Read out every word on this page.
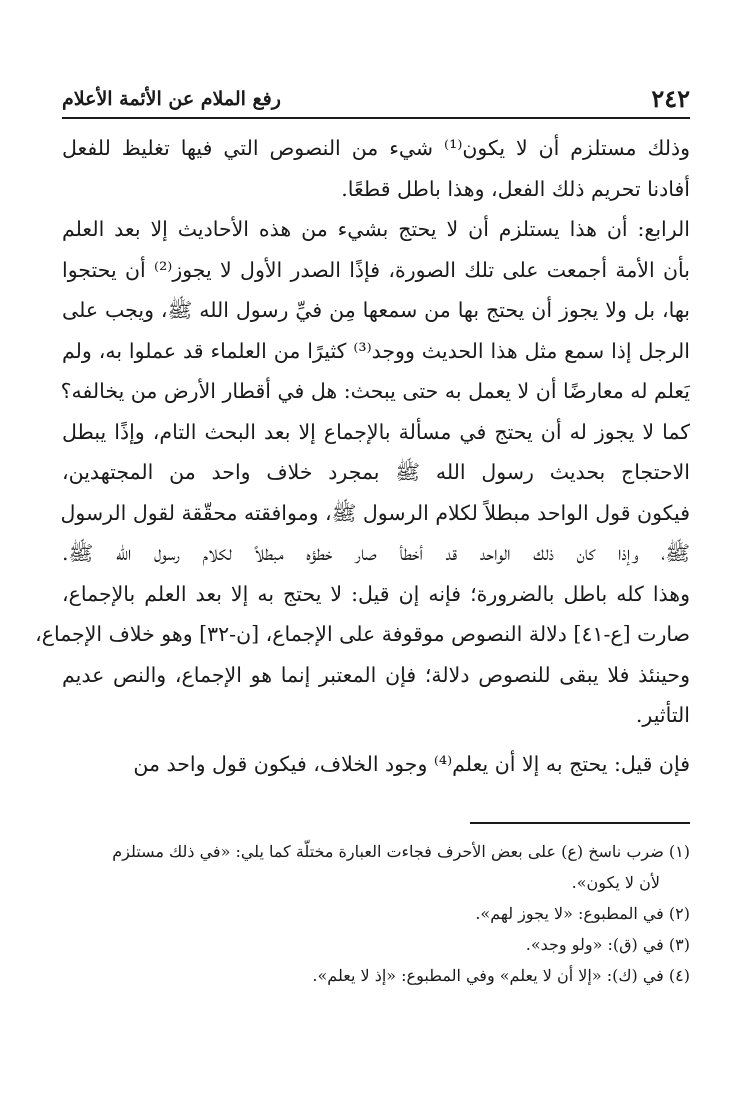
٢٤٢
رفع الملام عن الأئمة الأعلام
وذلك مستلزم أن لا يكون⁽¹⁾ شيء من النصوص التي فيها تغليظ للفعل
أفادنا تحريم ذلك الفعل، وهذا باطل قطعًا.
الرابع: أن هذا يستلزم أن لا يحتج بشيء من هذه الأحاديث إلا بعد العلم
بأن الأمة أجمعت على تلك الصورة، فإذًا الصدر الأول لا يجوز⁽²⁾ أن يحتجوا
بها، بل ولا يجوز أن يحتج بها من سمعها مِن فيِّ رسول الله ﷺ، ويجب على
الرجل إذا سمع مثل هذا الحديث ووجد⁽³⁾ كثيرًا من العلماء قد عملوا به، ولم
يَعلم له معارضًا أن لا يعمل به حتى يبحث: هل في أقطار الأرض من يخالفه؟
كما لا يجوز له أن يحتج في مسألة بالإجماع إلا بعد البحث التام، وإذًا يبطل
الاحتجاج بحديث رسول الله ﷺ بمجرد خلاف واحد من المجتهدين،
فيكون قول الواحد مبطلاً لكلام الرسول ﷺ، وموافقته محقّقة لقول الرسول
ﷺ، وإذا كان ذلك الواحد قد أخطأ صار خطؤه مبطلاً لكلام رسول الله ﷺ.
وهذا كله باطل بالضرورة؛ فإنه إن قيل: لا يحتج به إلا بعد العلم بالإجماع،
صارت [ع-٤١] دلالة النصوص موقوفة على الإجماع، [ن-٣٢] وهو خلاف الإجماع،
وحينئذ فلا يبقى للنصوص دلالة؛ فإن المعتبر إنما هو الإجماع، والنص عديم
التأثير.
فإن قيل: يحتج به إلا أن يعلم⁽⁴⁾ وجود الخلاف، فيكون قول واحد من
(١) ضرب ناسخ (ع) على بعض الأحرف فجاءت العبارة مختلّة كما يلي: «في ذلك مستلزم
لأن لا يكون».
(٢) في المطبوع: «لا يجوز لهم».
(٣) في (ق): «ولو وجد».
(٤) في (ك): «إلا أن لا يعلم» وفي المطبوع: «إذ لا يعلم».
